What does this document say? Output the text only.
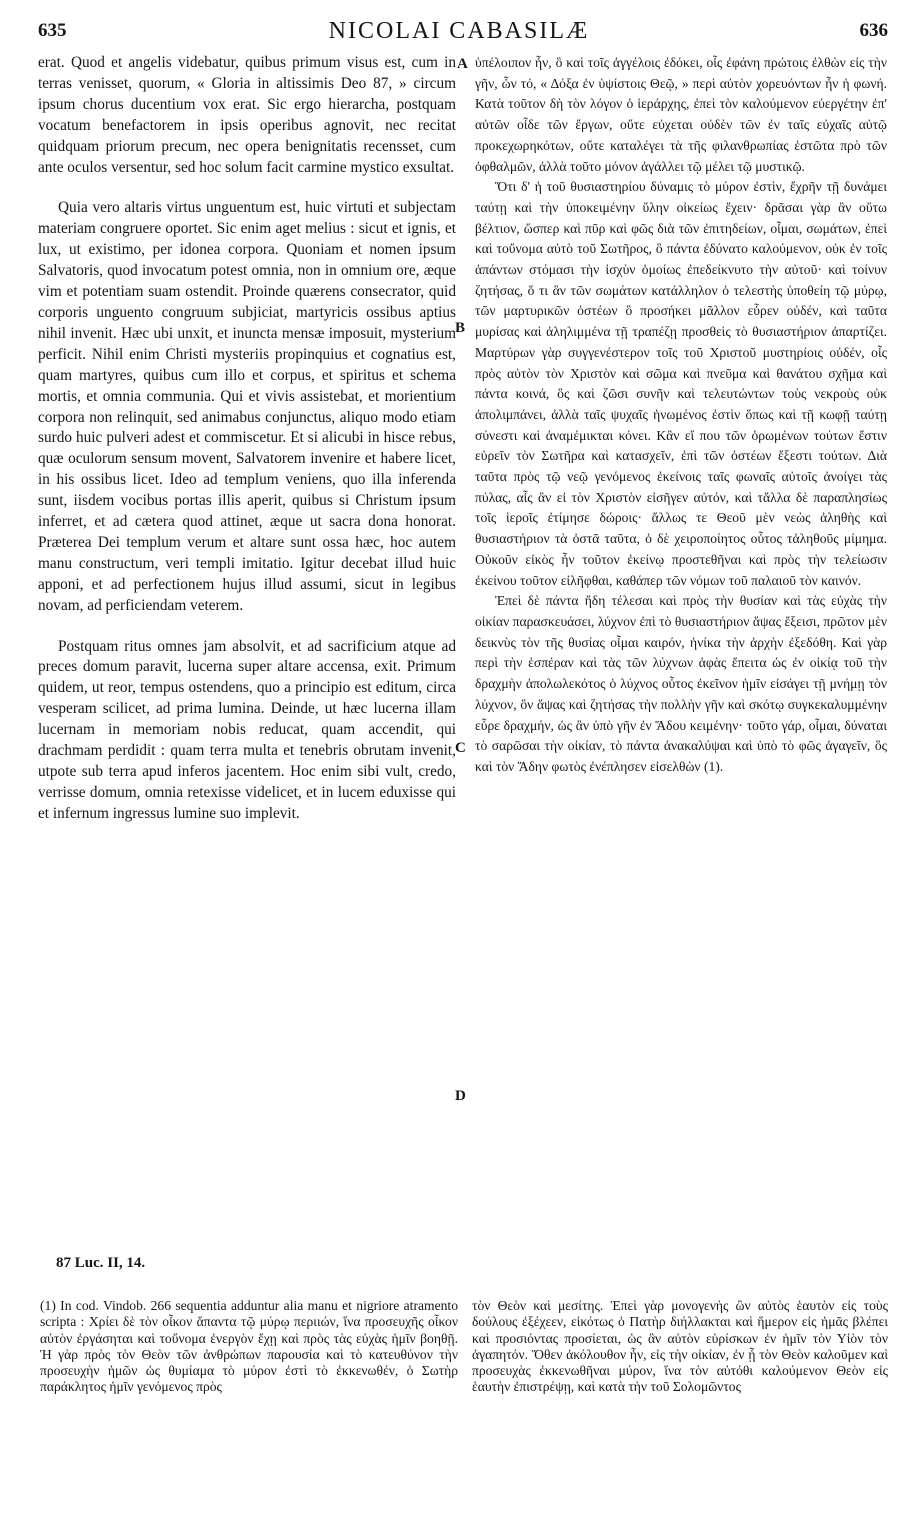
635	NICOLAI CABASILÆ	636

erat. Quod et angelis videbatur, quibus primum visus est, cum in terras venisset, quorum, « Gloria in altissimis Deo 87, » circum ipsum chorus ducentium vox erat. Sic ergo hierarcha, postquam vocatum benefactorem in ipsis operibus agnovit, nec recitat quidquam priorum precum, nec opera benignitatis recensset, cum ante oculos versentur, sed hoc solum facit carmine mystico exsultat.

Quia vero altaris virtus unguentum est, huic virtuti et subjectam materiam congruere oportet. Sic enim aget melius : sicut et ignis, et lux, ut existimo, per idonea corpora. Quoniam et nomen ipsum Salvatoris, quod invocatum potest omnia, non in omnium ore, æque vim et potentiam suam ostendit. Proinde quærens consecrator, quid corporis unguento congruum subjiciat, martyricis ossibus aptius nihil invenit. Hæc ubi unxit, et inuncta mensæ imposuit, mysterium perficit. Nihil enim Christi mysteriis propinquius et cognatius est, quam martyres, quibus cum illo et corpus, et spiritus et schema mortis, et omnia communia. Qui et vivis assistebat, et morientium corpora non relinquit, sed animabus conjunctus, aliquo modo etiam surdo huic pulveri adest et commiscetur. Et si alicubi in hisce rebus, quæ oculorum sensum movent, Salvatorem invenire et habere licet, in his ossibus licet. Ideo ad templum veniens, quo illa inferenda sunt, iisdem vocibus portas illis aperit, quibus si Christum ipsum inferret, et ad cætera quod attinet, æque ut sacra dona honorat. Præterea Dei templum verum et altare sunt ossa hæc, hoc autem manu constructum, veri templi imitatio. Igitur decebat illud huic apponi, et ad perfectionem hujus illud assumi, sicut in legibus novam, ad perficiendam veterem.

Postquam ritus omnes jam absolvit, et ad sacrificium atque ad preces domum paravit, lucerna super altare accensa, exit. Primum quidem, ut reor, tempus ostendens, quo a principio est editum, circa vesperam scilicet, ad prima lumina. Deinde, ut hæc lucerna illam lucernam in memoriam nobis reducat, quam accendit, qui drachmam perdidit : quam terra multa et tenebris obrutam invenit, utpote sub terra apud inferos jacentem. Hoc enim sibi vult, credo, verrisse domum, omnia retexisse videlicet, et in lucem eduxisse qui et infernum ingressus lumine suo implevit.

ὑπέλοιπον ἦν, ὃ καὶ τοῖς ἀγγέλοις ἐδόκει, οἷς ἐφάνη πρώτοις ἐλθὼν εἰς τὴν γῆν, ὧν τό, « Δόξα ἐν ὑψίστοις Θεῷ, » περὶ αὐτὸν χορευόντων ἦν ἡ φωνή. Κατὰ τοῦτον δὴ τὸν λόγον ὁ ἱεράρχης, ἐπεὶ τὸν καλούμενον εὐεργέτην ἐπ' αὐτῶν οἶδε τῶν ἔργων, οὔτε εὐχεται οὐδὲν τῶν ἐν ταῖς εὐχαῖς αὐτῷ προκεχωρηκότων, οὔτε καταλέγει τὰ τῆς φιλανθρωπίας ἑστῶτα πρὸ τῶν ὀφθαλμῶν, ἀλλὰ τοῦτο μόνον ἀγάλλει τῷ μέλει τῷ μυστικῷ.

Ὅτι δ' ἡ τοῦ θυσιαστηρίου δύναμις τὸ μύρον ἐστὶν, ἔχρῆν τῇ δυνάμει ταύτῃ καὶ τὴν ὑποκειμένην ὕλην οἰκείως ἔχειν· δρᾶσαι γὰρ ἂν οὕτω βέλτιον, ὥσπερ καὶ πῦρ καὶ φῶς διὰ τῶν ἐπιτηδείων, οἶμαι, σωμάτων, ἐπεὶ καὶ τοὔνομα αὐτὸ τοῦ Σωτῆρος, ὃ πάντα ἐδύνατο καλούμενον, οὐκ ἐν τοῖς ἁπάντων στόμασι τὴν ἰσχὺν ὁμοίως ἐπεδείκνυτο τὴν αὐτοῦ· καὶ τοίνυν ζητήσας, ὅ τι ἂν τῶν σωμάτων κατάλληλον ὁ τελεστὴς ὑποθείη τῷ μύρῳ, τῶν μαρτυρικῶν ὀστέων ὃ προσήκει μᾶλλον εὗρεν οὐδέν, καὶ ταῦτα μυρίσας καὶ ἀληλιμμένα τῇ τραπέζῃ προσθεὶς τὸ θυσιαστήριον ἀπαρτίζει. Μαρτύρων γὰρ συγγενέστερον τοῖς τοῦ Χριστοῦ μυστηρίοις οὐδέν, οἷς πρὸς αὐτὸν τὸν Χριστὸν καὶ σῶμα καὶ πνεῦμα καὶ θανάτου σχῆμα καὶ πάντα κοινά, ὃς καὶ ζῶσι συνῆν καὶ τελευτώντων τοὺς νεκροὺς οὐκ ἀπολιμπάνει, ἀλλὰ ταῖς ψυχαῖς ἡνωμένος ἐστὶν ὅπως καὶ τῇ κωφῇ ταύτῃ σύνεστι καὶ ἀναμέμικται κόνει. Κἂν εἴ που τῶν ὁρωμένων τούτων ἔστιν εὑρεῖν τὸν Σωτῆρα καὶ κατασχεῖν, ἐπὶ τῶν ὀστέων ἔξεστι τούτων. Διὰ ταῦτα πρὸς τῷ νεῷ γενόμενος ἐκείνοις ταῖς φωναῖς αὐτοῖς ἀνοίγει τὰς πύλας, αἷς ἂν εἰ τὸν Χριστὸν εἰσῆγεν αὐτόν, καὶ τἄλλα δὲ παραπλησίως τοῖς ἱεροῖς ἐτίμησε δώροις· ἄλλως τε Θεοῦ μὲν νεὼς ἀληθὴς καὶ θυσιαστήριον τὰ ὀστᾶ ταῦτα, ὁ δὲ χειροποίητος οὗτος τἀληθοῦς μίμημα. Οὐκοῦν εἰκὸς ἦν τοῦτον ἐκείνῳ προστεθῆναι καὶ πρὸς τὴν τελείωσιν ἐκείνου τοῦτον εἰλῆφθαι, καθάπερ τῶν νόμων τοῦ παλαιοῦ τὸν καινόν.

Ἐπεὶ δὲ πάντα ἤδη τέλεσαι καὶ πρὸς τὴν θυσίαν καὶ τὰς εὐχὰς τὴν οἰκίαν παρασκευάσει, λύχνον ἐπὶ τὸ θυσιαστήριον ἅψας ἔξεισι, πρῶτον μὲν δεικνὺς τὸν τῆς θυσίας οἶμαι καιρόν, ἡνίκα τὴν ἀρχὴν ἐξεδόθη. Καὶ γὰρ περὶ τὴν ἑσπέραν καὶ τὰς τῶν λύχνων ἁφὰς ἔπειτα ὡς ἐν οἰκίᾳ τοῦ τὴν δραχμὴν ἀπολωλεκότος ὁ λύχνος οὗτος ἐκεῖνον ἡμῖν εἰσάγει τῇ μνήμῃ τὸν λύχνον, ὃν ἅψας καὶ ζητήσας τὴν πολλὴν γῆν καὶ σκότῳ συγκεκαλυμμένην εὗρε δραχμήν, ὡς ἂν ὑπὸ γῆν ἐν Ἅδου κειμένην· τοῦτο γάρ, οἶμαι, δύναται τὸ σαρῶσαι τὴν οἰκίαν, τὸ πάντα ἀνακαλύψαι καὶ ὑπὸ τὸ φῶς ἀγαγεῖν, ὃς καὶ τὸν Ἅδην φωτὸς ἐνέπλησεν εἰσελθὼν (1).

A
B
C
D
87 Luc. II, 14.
(1) In cod. Vindob. 266 sequentia adduntur alia manu et nigriore atramento scripta : Χρίει δὲ τὸν οἶκον ἅπαντα τῷ μύρῳ περιιών, ἵνα προσευχῆς οἶκον αὐτὸν ἐργάσηται καὶ τοὔνομα ἐνεργὸν ἔχῃ καὶ πρὸς τὰς εὐχὰς ἡμῖν βοηθῇ. Ἡ γὰρ πρὸς τὸν Θεὸν τῶν ἀνθρώπων παρουσία καὶ τὸ κατευθύνον τὴν προσευχὴν ἡμῶν ὡς θυμίαμα τὸ μύρον ἐστὶ τὸ ἐκκενωθέν, ὁ Σωτὴρ παράκλητος ἡμῖν γενόμενος πρὸς
τὸν Θεὸν καὶ μεσίτης. Ἐπεὶ γὰρ μονογενὴς ὢν αὐτὸς ἑαυτὸν εἰς τοὺς δούλους ἐξέχεεν, εἰκότως ὁ Πατὴρ διήλλακται καὶ ἥμερον εἰς ἡμᾶς βλέπει καὶ προσιόντας προσίεται, ὡς ἂν αὐτὸν εὑρίσκων ἐν ἡμῖν τὸν Υἱὸν τὸν ἀγαπητόν. Ὅθεν ἀκόλουθον ἦν, εἰς τὴν οἰκίαν, ἐν ᾗ τὸν Θεὸν καλοῦμεν καὶ προσευχὰς ἐκκενωθῆναι μύρον, ἵνα τὸν αὐτόθι καλούμενον Θεὸν εἰς ἑαυτὴν ἐπιστρέψῃ, καὶ κατὰ τὴν τοῦ Σολομῶντος
